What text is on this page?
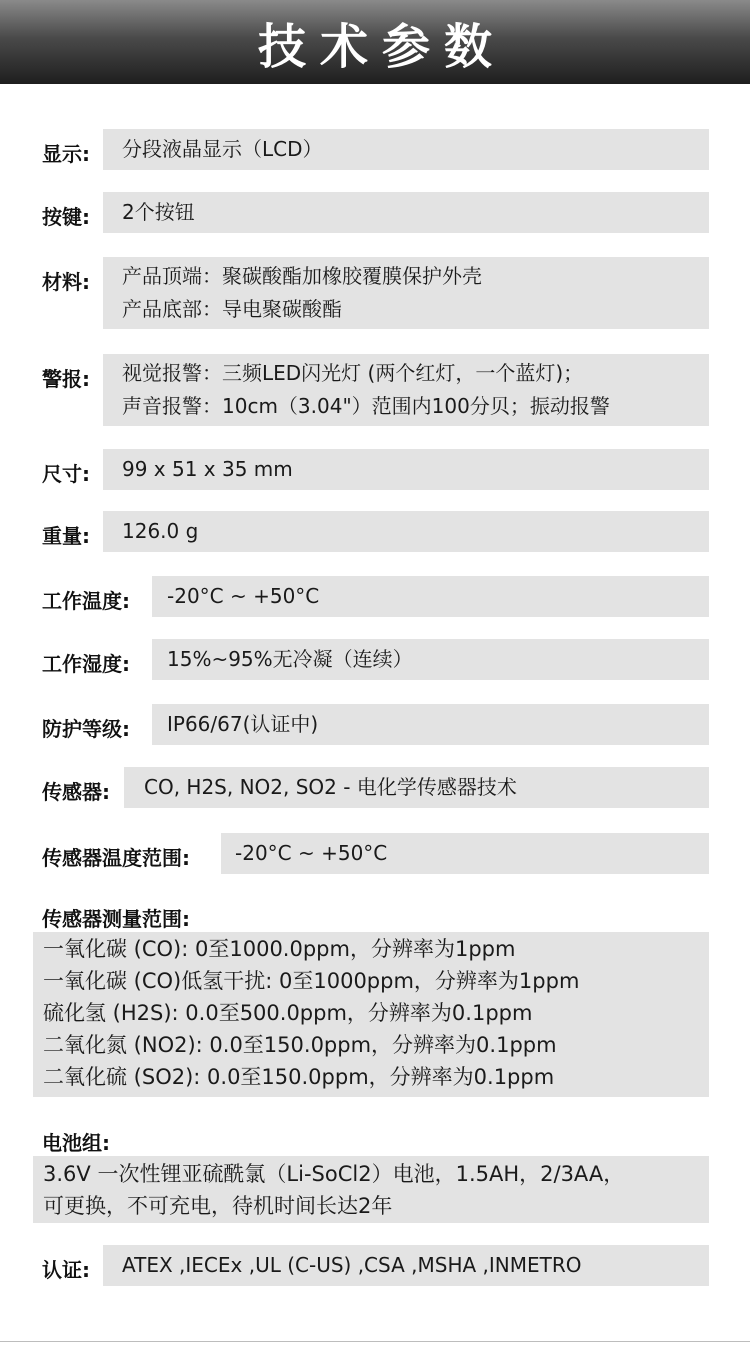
技术参数
显示: 分段液晶显示（LCD）
按键: 2个按钮
材料: 产品顶端：聚碳酸酯加橡胶覆膜保护外壳
产品底部：导电聚碳酸酯
警报: 视觉报警：三频LED闪光灯 (两个红灯，一个蓝灯)；
声音报警：10cm（3.04"）范围内100分贝；振动报警
尺寸: 99 x 51 x 35 mm
重量: 126.0 g
工作温度: -20°C ~ +50°C
工作湿度: 15%~95%无冷凝（连续）
防护等级: IP66/67(认证中)
传感器: CO, H2S, NO2, SO2 - 电化学传感器技术
传感器温度范围: -20°C ~ +50°C
传感器测量范围:
一氧化碳 (CO): 0至1000.0ppm，分辨率为1ppm
一氧化碳 (CO)低氢干扰: 0至1000ppm，分辨率为1ppm
硫化氢 (H2S): 0.0至500.0ppm，分辨率为0.1ppm
二氧化氮 (NO2): 0.0至150.0ppm，分辨率为0.1ppm
二氧化硫 (SO2): 0.0至150.0ppm，分辨率为0.1ppm
电池组:
3.6V 一次性锂亚硫酰氯（Li-SoCl2）电池，1.5AH，2/3AA，
可更换，不可充电，待机时间长达2年
认证: ATEX ,IECEx ,UL (C-US) ,CSA ,MSHA ,INMETRO
